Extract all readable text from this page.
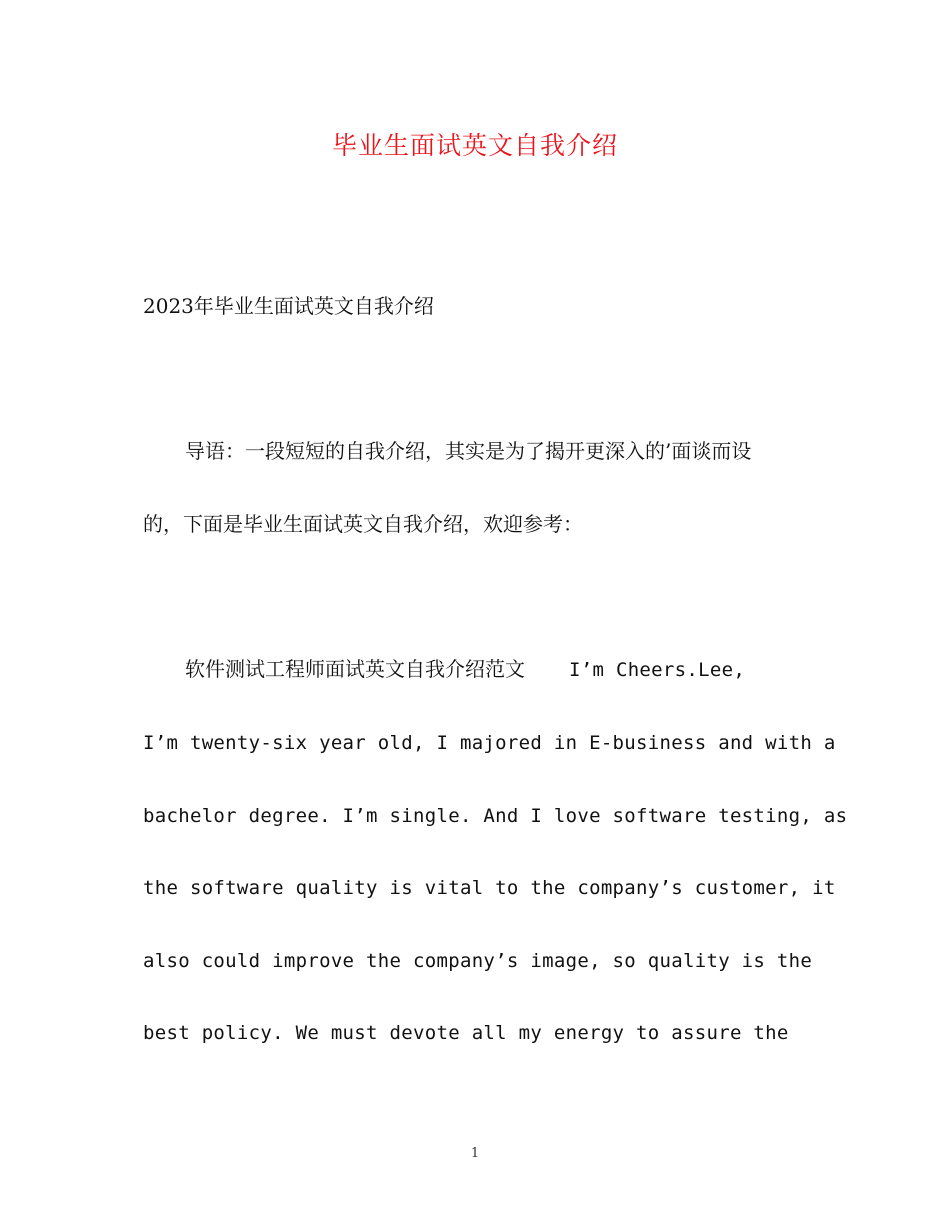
毕业生面试英文自我介绍
2023年毕业生面试英文自我介绍
导语：一段短短的自我介绍，其实是为了揭开更深入的’面谈而设
的，下面是毕业生面试英文自我介绍，欢迎参考：
软件测试工程师面试英文自我介绍范文 I’m Cheers.Lee,
I’m twenty-six year old, I majored in E-business and with a
bachelor degree. I’m single. And I love software testing, as
the software quality is vital to the company’s customer, it
also could improve the company’s image, so quality is the
best policy. We must devote all my energy to assure the
1
